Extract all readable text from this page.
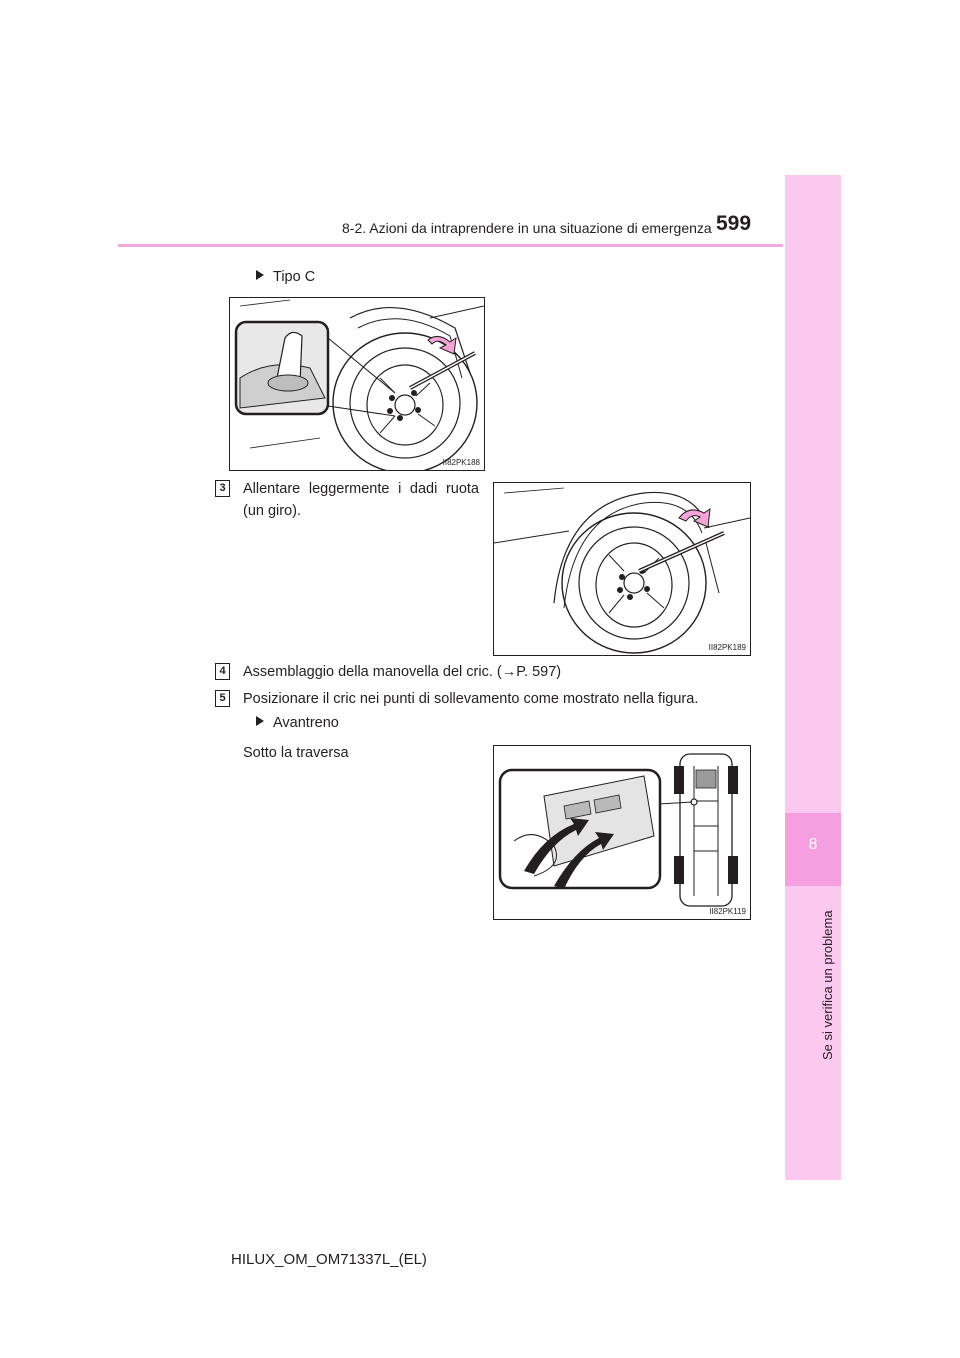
8-2. Azioni da intraprendere in una situazione di emergenza 599
8
Se si verifica un problema
Tipo C
II82PK188
3	Allentare leggermente i dadi ruota (un giro).
II82PK189
4	Assemblaggio della manovella del cric. (→P. 597)
5	Posizionare il cric nei punti di sollevamento come mostrato nella figura.
Avantreno
Sotto la traversa
II82PK119
HILUX_OM_OM71337L_(EL)
